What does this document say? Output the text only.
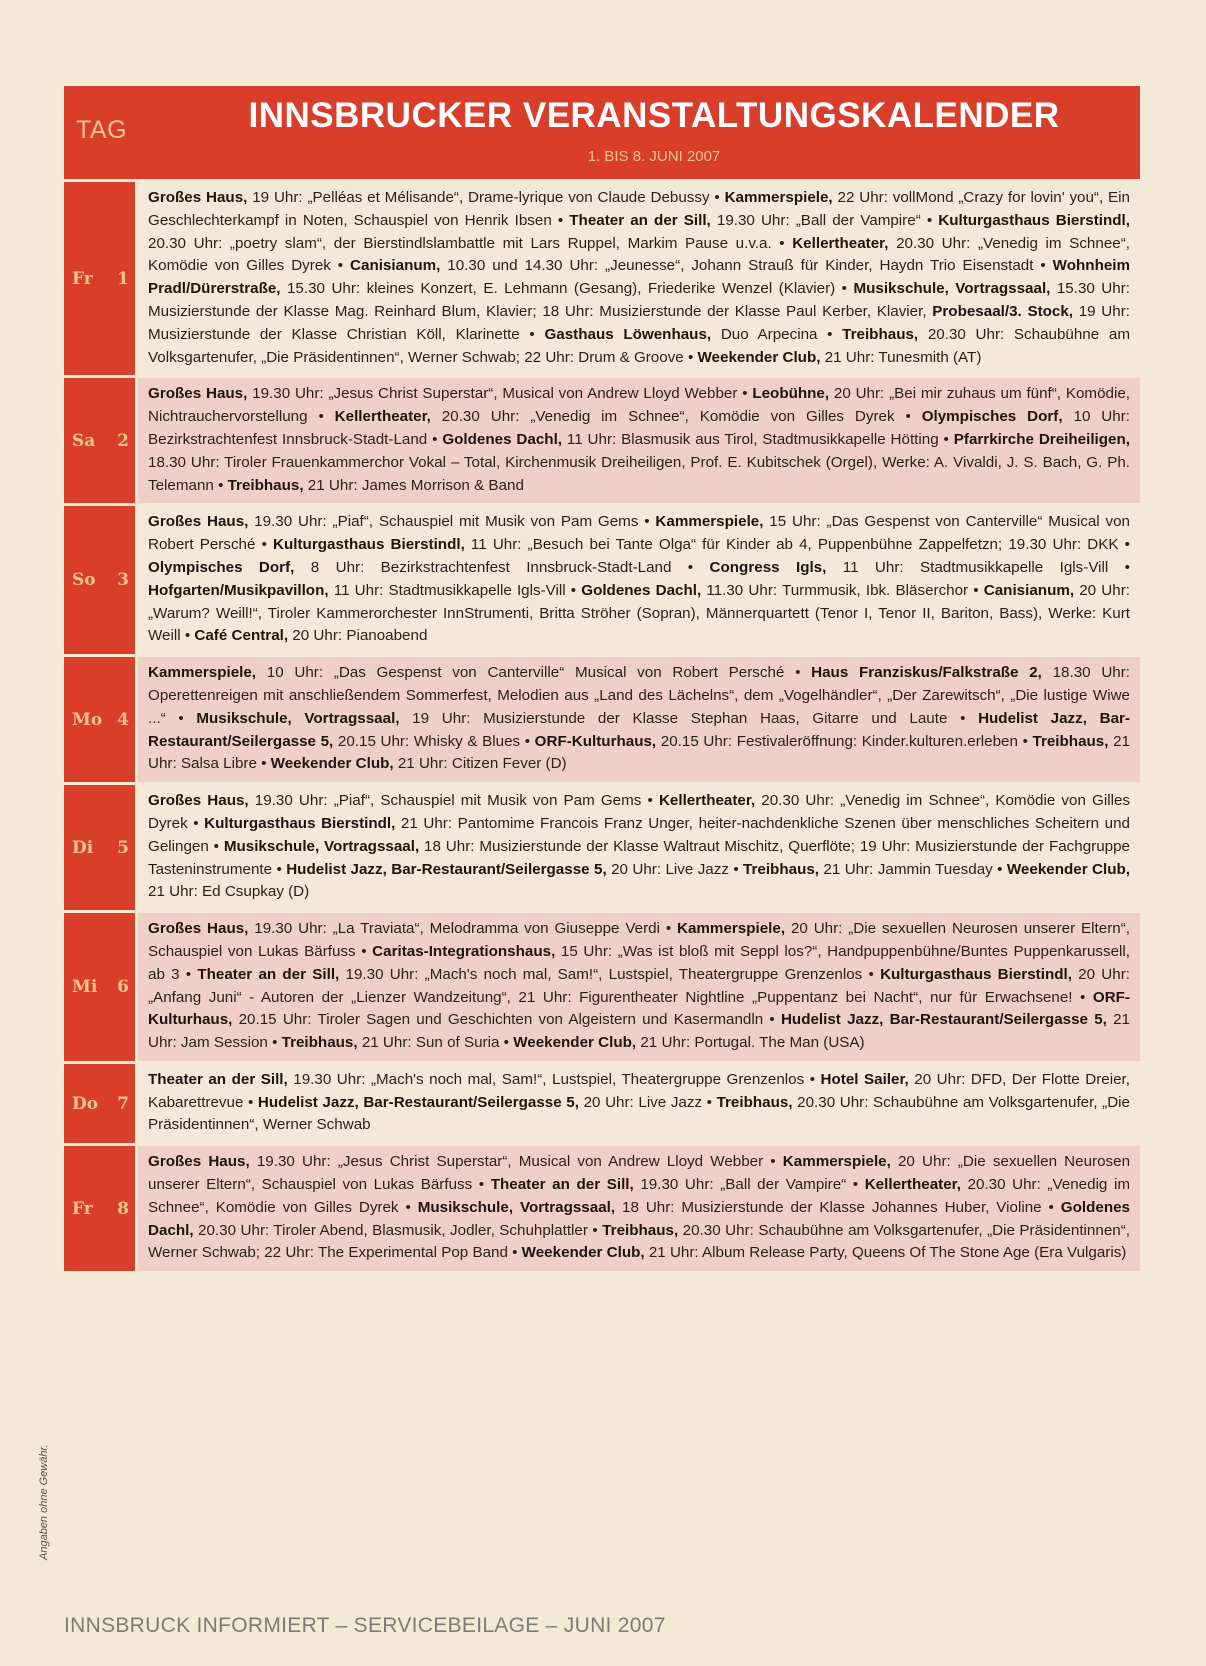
TAG	INNSBRUCKER VERANSTALTUNGSKALENDER
1. BIS 8. JUNI 2007
Fr 1
Großes Haus, 19 Uhr: „Pelléas et Mélisande“, Drame-lyrique von Claude Debussy • Kammerspiele, 22 Uhr: vollMond „Crazy for lovin' you“, Ein Geschlechterkampf in Noten, Schauspiel von Henrik Ibsen • Theater an der Sill, 19.30 Uhr: „Ball der Vampire“ • Kulturgasthaus Bierstindl, 20.30 Uhr: „poetry slam“, der Bierstindlslambattle mit Lars Ruppel, Markim Pause u.v.a. • Kellertheater, 20.30 Uhr: „Venedig im Schnee“, Komödie von Gilles Dyrek • Canisianum, 10.30 und 14.30 Uhr: „Jeunesse“, Johann Strauß für Kinder, Haydn Trio Eisenstadt • Wohnheim Pradl/Dürerstraße, 15.30 Uhr: kleines Konzert, E. Lehmann (Gesang), Friederike Wenzel (Klavier) • Musikschule, Vortragssaal, 15.30 Uhr: Musizierstunde der Klasse Mag. Reinhard Blum, Klavier; 18 Uhr: Musizierstunde der Klasse Paul Kerber, Klavier, Probesaal/3. Stock, 19 Uhr: Musizierstunde der Klasse Christian Köll, Klarinette • Gasthaus Löwenhaus, Duo Arpecina • Treibhaus, 20.30 Uhr: Schaubühne am Volksgartenufer, „Die Präsidentinnen“, Werner Schwab; 22 Uhr: Drum & Groove • Weekender Club, 21 Uhr: Tunesmith (AT)
Sa 2
Großes Haus, 19.30 Uhr: „Jesus Christ Superstar“, Musical von Andrew Lloyd Webber • Leobühne, 20 Uhr: „Bei mir zuhaus um fünf“, Komödie, Nichtrauchervorstellung • Kellertheater, 20.30 Uhr: „Venedig im Schnee“, Komödie von Gilles Dyrek • Olympisches Dorf, 10 Uhr: Bezirkstrachtenfest Innsbruck-Stadt-Land • Goldenes Dachl, 11 Uhr: Blasmusik aus Tirol, Stadtmusikkapelle Hötting • Pfarrkirche Dreiheiligen, 18.30 Uhr: Tiroler Frauenkammerchor Vokal – Total, Kirchenmusik Dreiheiligen, Prof. E. Kubitschek (Orgel), Werke: A. Vivaldi, J. S. Bach, G. Ph. Telemann • Treibhaus, 21 Uhr: James Morrison & Band
So 3
Großes Haus, 19.30 Uhr: „Piaf“, Schauspiel mit Musik von Pam Gems • Kammerspiele, 15 Uhr: „Das Gespenst von Canterville“ Musical von Robert Persché • Kulturgasthaus Bierstindl, 11 Uhr: „Besuch bei Tante Olga“ für Kinder ab 4, Puppenbühne Zappelfetzn; 19.30 Uhr: DKK • Olympisches Dorf, 8 Uhr: Bezirkstrachtenfest Innsbruck-Stadt-Land • Congress Igls, 11 Uhr: Stadtmusikkapelle Igls-Vill • Hofgarten/Musikpavillon, 11 Uhr: Stadtmusikkapelle Igls-Vill • Goldenes Dachl, 11.30 Uhr: Turmmusik, Ibk. Bläserchor • Canisianum, 20 Uhr: „Warum? Weill!“, Tiroler Kammerorchester InnStrumenti, Britta Ströher (Sopran), Männerquartett (Tenor I, Tenor II, Bariton, Bass), Werke: Kurt Weill • Café Central, 20 Uhr: Pianoabend
Mo 4
Kammerspiele, 10 Uhr: „Das Gespenst von Canterville“ Musical von Robert Persché • Haus Franziskus/Falkstraße 2, 18.30 Uhr: Operettenreigen mit anschließendem Sommerfest, Melodien aus „Land des Lächelns“, dem „Vogelhändler“, „Der Zarewitsch“, „Die lustige Wiwe ...“ • Musikschule, Vortragssaal, 19 Uhr: Musizierstunde der Klasse Stephan Haas, Gitarre und Laute • Hudelist Jazz, Bar-Restaurant/Seilergasse 5, 20.15 Uhr: Whisky & Blues • ORF-Kulturhaus, 20.15 Uhr: Festivaleröffnung: Kinder.kulturen.erleben • Treibhaus, 21 Uhr: Salsa Libre • Weekender Club, 21 Uhr: Citizen Fever (D)
Di 5
Großes Haus, 19.30 Uhr: „Piaf“, Schauspiel mit Musik von Pam Gems • Kellertheater, 20.30 Uhr: „Venedig im Schnee“, Komödie von Gilles Dyrek • Kulturgasthaus Bierstindl, 21 Uhr: Pantomime Francois Franz Unger, heiter-nachdenkliche Szenen über menschliches Scheitern und Gelingen • Musikschule, Vortragssaal, 18 Uhr: Musizierstunde der Klasse Waltraut Mischitz, Querflöte; 19 Uhr: Musizierstunde der Fachgruppe Tasteninstrumente • Hudelist Jazz, Bar-Restaurant/Seilergasse 5, 20 Uhr: Live Jazz • Treibhaus, 21 Uhr: Jammin Tuesday • Weekender Club, 21 Uhr: Ed Csupkay (D)
Mi 6
Großes Haus, 19.30 Uhr: „La Traviata“, Melodramma von Giuseppe Verdi • Kammerspiele, 20 Uhr: „Die sexuellen Neurosen unserer Eltern“, Schauspiel von Lukas Bärfuss • Caritas-Integrationshaus, 15 Uhr: „Was ist bloß mit Seppl los?“, Handpuppenbühne/Buntes Puppenkarussell, ab 3 • Theater an der Sill, 19.30 Uhr: „Mach's noch mal, Sam!“, Lustspiel, Theatergruppe Grenzenlos • Kulturgasthaus Bierstindl, 20 Uhr: „Anfang Juni“ - Autoren der „Lienzer Wandzeitung“, 21 Uhr: Figurentheater Nightline „Puppentanz bei Nacht“, nur für Erwachsene! • ORF-Kulturhaus, 20.15 Uhr: Tiroler Sagen und Geschichten von Algeistern und Kasermandln • Hudelist Jazz, Bar-Restaurant/Seilergasse 5, 21 Uhr: Jam Session • Treibhaus, 21 Uhr: Sun of Suria • Weekender Club, 21 Uhr: Portugal. The Man (USA)
Do 7
Theater an der Sill, 19.30 Uhr: „Mach's noch mal, Sam!“, Lustspiel, Theatergruppe Grenzenlos • Hotel Sailer, 20 Uhr: DFD, Der Flotte Dreier, Kabarettrevue • Hudelist Jazz, Bar-Restaurant/Seilergasse 5, 20 Uhr: Live Jazz • Treibhaus, 20.30 Uhr: Schaubühne am Volksgartenufer, „Die Präsidentinnen“, Werner Schwab
Fr 8
Großes Haus, 19.30 Uhr: „Jesus Christ Superstar“, Musical von Andrew Lloyd Webber • Kammerspiele, 20 Uhr: „Die sexuellen Neurosen unserer Eltern“, Schauspiel von Lukas Bärfuss • Theater an der Sill, 19.30 Uhr: „Ball der Vampire“ • Kellertheater, 20.30 Uhr: „Venedig im Schnee“, Komödie von Gilles Dyrek • Musikschule, Vortragssaal, 18 Uhr: Musizierstunde der Klasse Johannes Huber, Violine • Goldenes Dachl, 20.30 Uhr: Tiroler Abend, Blasmusik, Jodler, Schuhplattler • Treibhaus, 20.30 Uhr: Schaubühne am Volksgartenufer, „Die Präsidentinnen“, Werner Schwab; 22 Uhr: The Experimental Pop Band • Weekender Club, 21 Uhr: Album Release Party, Queens Of The Stone Age (Era Vulgaris)
Angaben ohne Gewähr.
INNSBRUCK INFORMIERT – SERVICEBEILAGE – JUNI 2007
